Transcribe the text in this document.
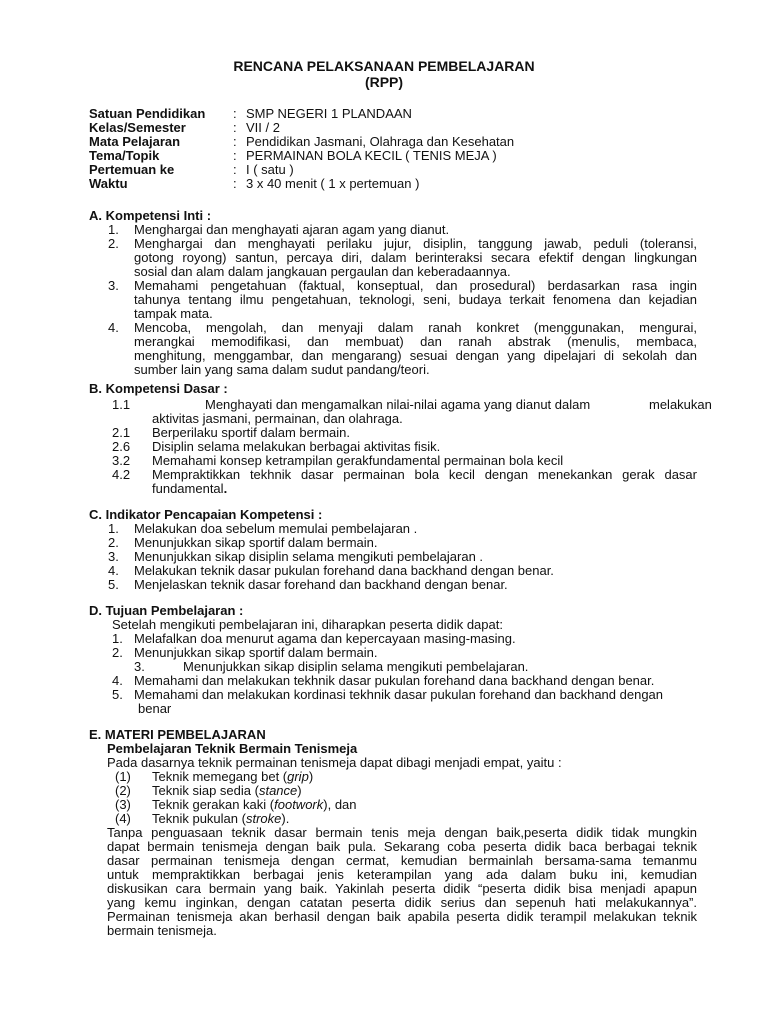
RENCANA PELAKSANAAN PEMBELAJARAN
(RPP)
Satuan Pendidikan : SMP NEGERI 1 PLANDAAN
Kelas/Semester	: VII / 2
Mata Pelajaran	: Pendidikan Jasmani, Olahraga dan Kesehatan
Tema/Topik	: PERMAINAN BOLA KECIL ( TENIS MEJA )
Pertemuan ke	: I ( satu )
Waktu	: 3 x 40 menit ( 1 x pertemuan )
A. Kompetensi Inti :
1. Menghargai dan menghayati ajaran agam yang dianut.
2. Menghargai dan menghayati perilaku jujur, disiplin, tanggung jawab, peduli (toleransi,
gotong royong) santun, percaya diri, dalam berinteraksi secara efektif dengan lingkungan
sosial dan alam dalam jangkauan pergaulan dan keberadaannya.
3. Memahami pengetahuan (faktual, konseptual, dan prosedural) berdasarkan rasa ingin
tahunya tentang ilmu pengetahuan, teknologi, seni, budaya terkait fenomena dan kejadian
tampak mata.
4. Mencoba, mengolah, dan menyaji dalam ranah konkret (menggunakan, mengurai,
merangkai memodifikasi, dan membuat) dan ranah abstrak (menulis, membaca,
menghitung, menggambar, dan mengarang) sesuai dengan yang dipelajari di sekolah dan
sumber lain yang sama dalam sudut pandang/teori.
B. Kompetensi Dasar :
1.1	Menghayati dan mengamalkan nilai-nilai agama yang dianut dalam	melakukan
aktivitas jasmani, permainan, dan olahraga.
2.1 Berperilaku sportif dalam bermain.
2.6 Disiplin selama melakukan berbagai aktivitas fisik.
3.2 Memahami konsep ketrampilan gerakfundamental permainan bola kecil
4.2 Mempraktikkan tekhnik dasar permainan bola kecil dengan menekankan gerak dasar
fundamental.
C. Indikator Pencapaian Kompetensi :
1. Melakukan doa sebelum memulai pembelajaran .
2. Menunjukkan sikap sportif dalam bermain.
3. Menunjukkan sikap disiplin selama mengikuti pembelajaran .
4. Melakukan teknik dasar pukulan forehand dana backhand dengan benar.
5. Menjelaskan teknik dasar forehand dan backhand dengan benar.
D. Tujuan Pembelajaran :
Setelah mengikuti pembelajaran ini, diharapkan peserta didik dapat:
1. Melafalkan doa menurut agama dan kepercayaan masing-masing.
2. Menunjukkan sikap sportif dalam bermain.
3.	Menunjukkan sikap disiplin selama mengikuti pembelajaran.
4. Memahami dan melakukan tekhnik dasar pukulan forehand dana backhand dengan benar.
5. Memahami dan melakukan kordinasi tekhnik dasar pukulan forehand dan backhand dengan
benar
E. MATERI PEMBELAJARAN
Pembelajaran Teknik Bermain Tenismeja
Pada dasarnya teknik permainan tenismeja dapat dibagi menjadi empat, yaitu :
(1) Teknik memegang bet (grip)
(2) Teknik siap sedia (stance)
(3) Teknik gerakan kaki (footwork), dan
(4) Teknik pukulan (stroke).
Tanpa penguasaan teknik dasar bermain tenis meja dengan baik,peserta didik tidak mungkin
dapat bermain tenismeja dengan baik pula. Sekarang coba peserta didik baca berbagai teknik
dasar permainan tenismeja dengan cermat, kemudian bermainlah bersama-sama temanmu
untuk mempraktikkan berbagai jenis keterampilan yang ada dalam buku ini, kemudian
diskusikan cara bermain yang baik. Yakinlah peserta didik “peserta didik bisa menjadi apapun
yang kemu inginkan, dengan catatan peserta didik serius dan sepenuh hati melakukannya”.
Permainan tenismeja akan berhasil dengan baik apabila peserta didik terampil melakukan teknik
bermain tenismeja.
